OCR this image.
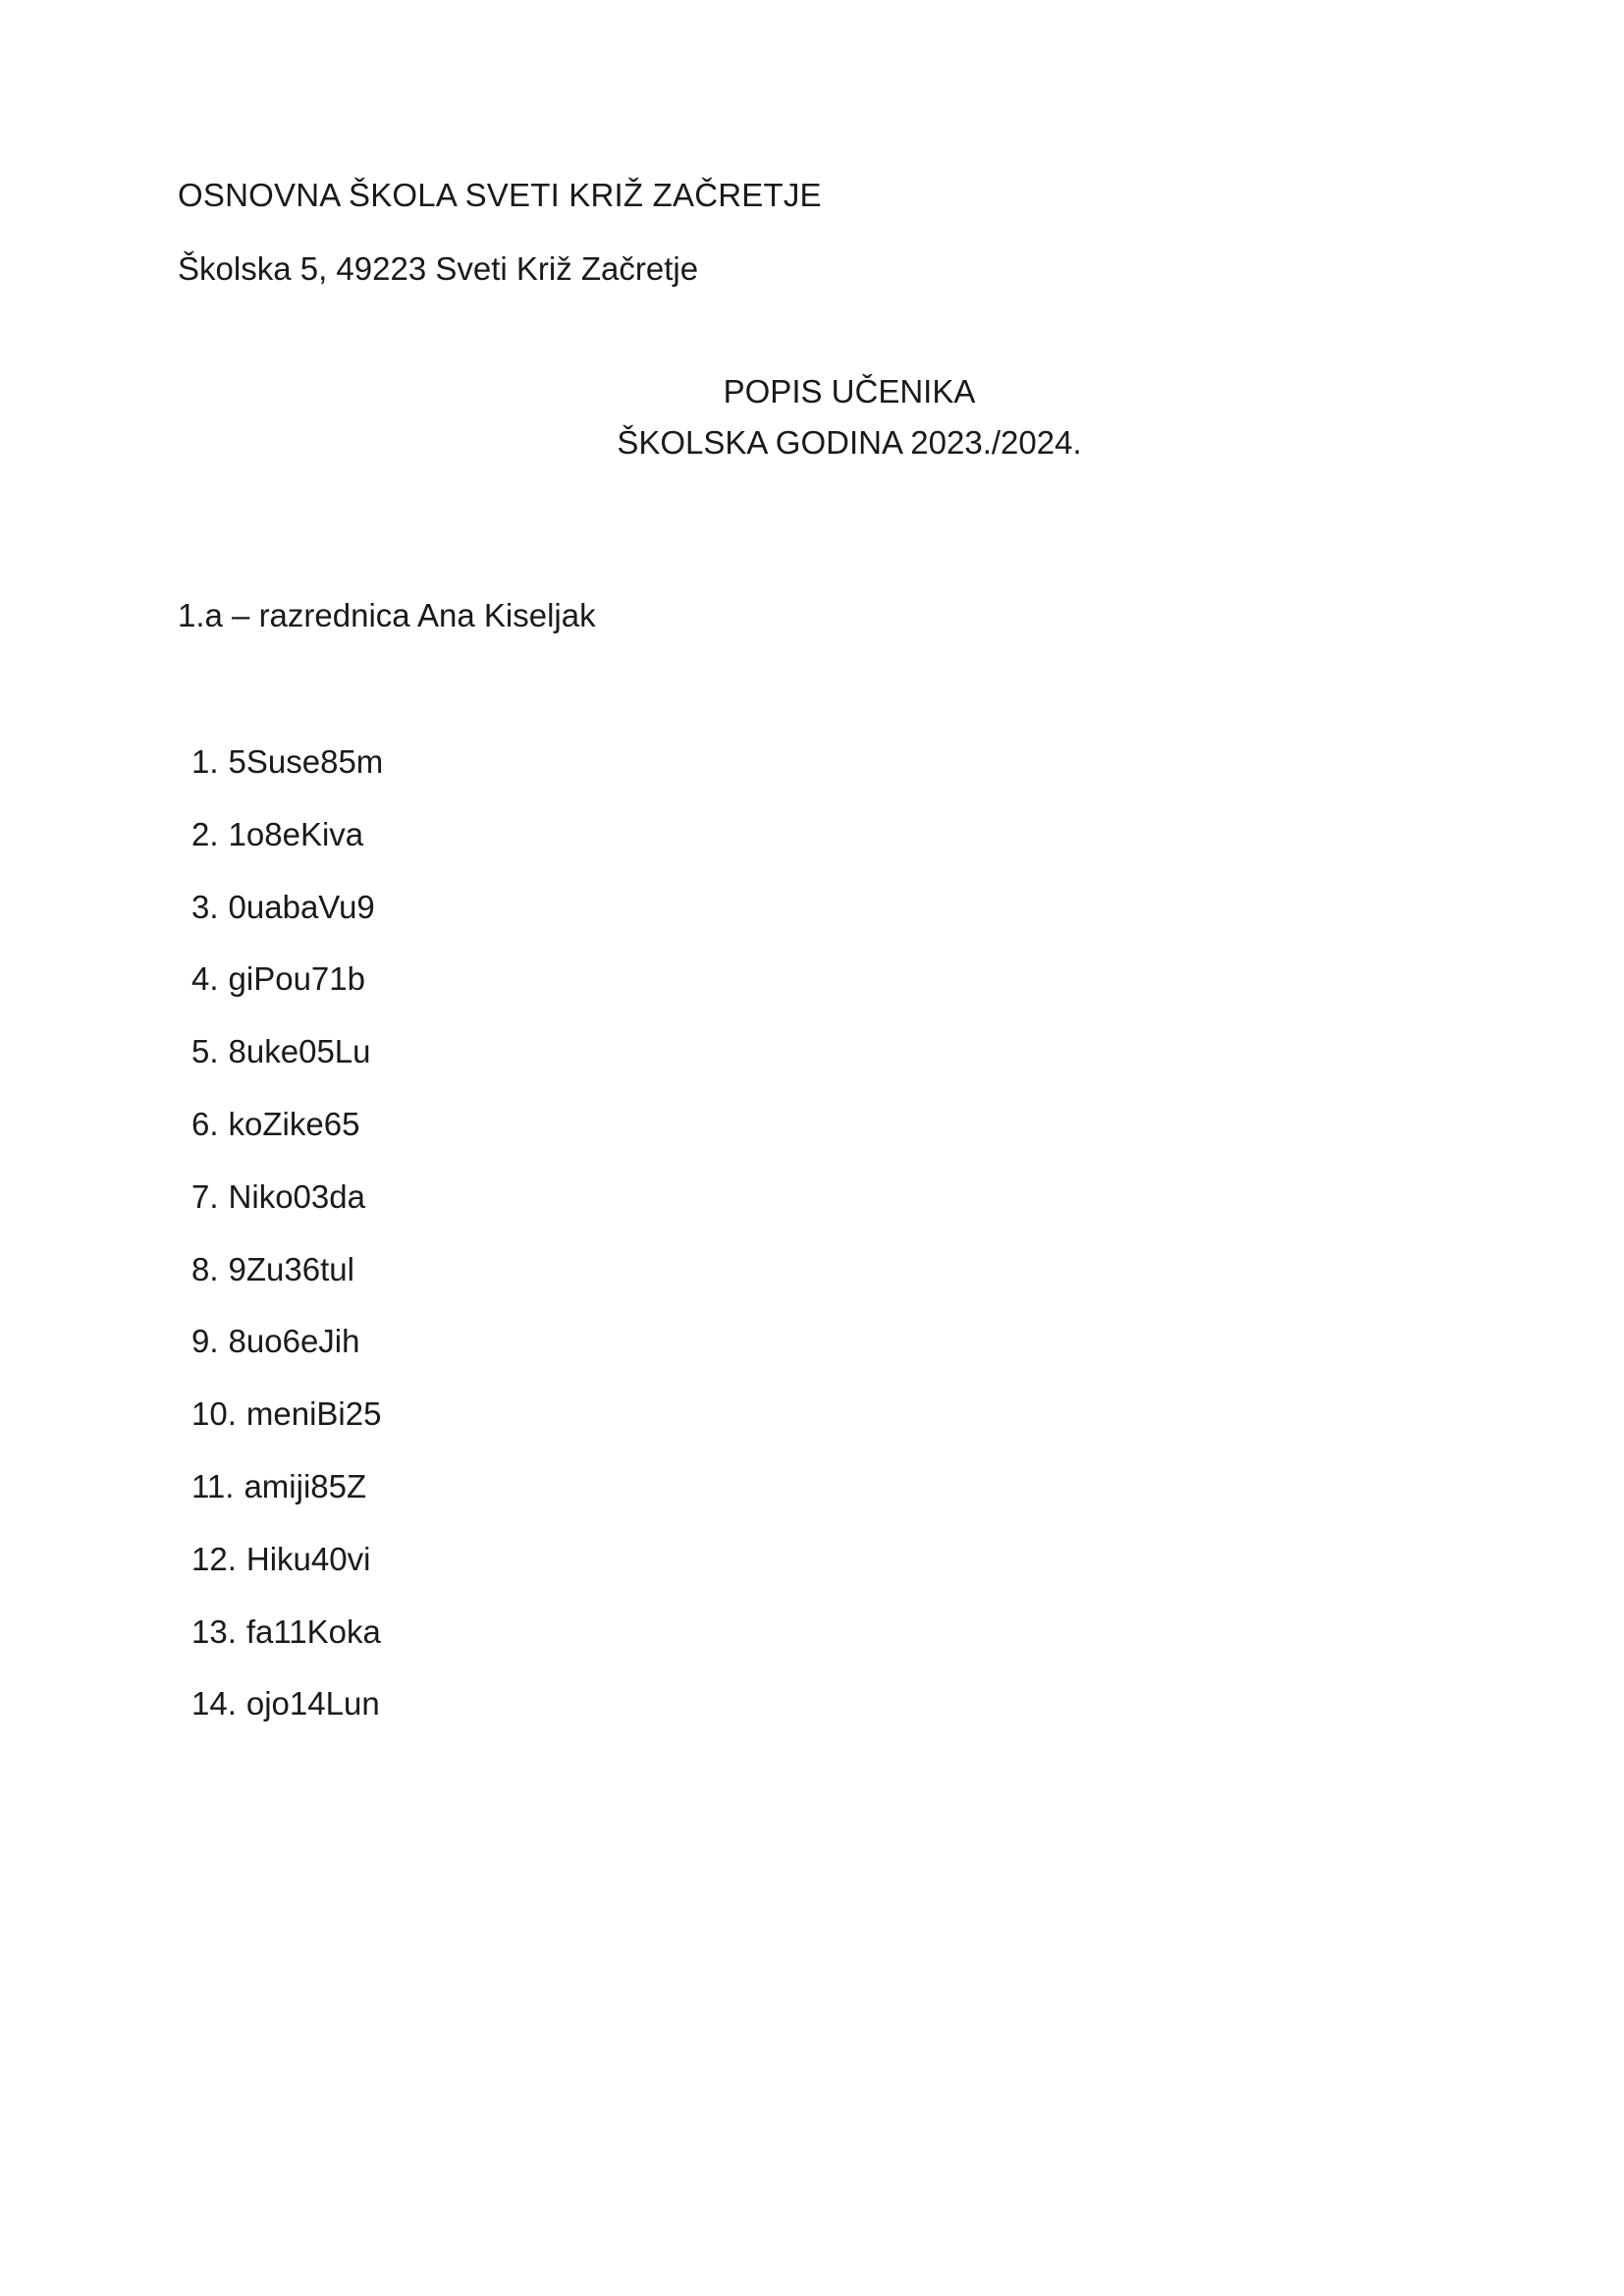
OSNOVNA ŠKOLA SVETI KRIŽ ZAČRETJE
Školska 5, 49223 Sveti Križ Začretje
POPIS UČENIKA
ŠKOLSKA GODINA 2023./2024.
1.a – razrednica Ana Kiseljak
1. 5Suse85m
2. 1o8eKiva
3. 0uabaVu9
4. giPou71b
5. 8uke05Lu
6. koZike65
7. Niko03da
8. 9Zu36tul
9. 8uo6eJih
10. meniBi25
11. amiji85Z
12. Hiku40vi
13. fa11Koka
14. ojo14Lun
